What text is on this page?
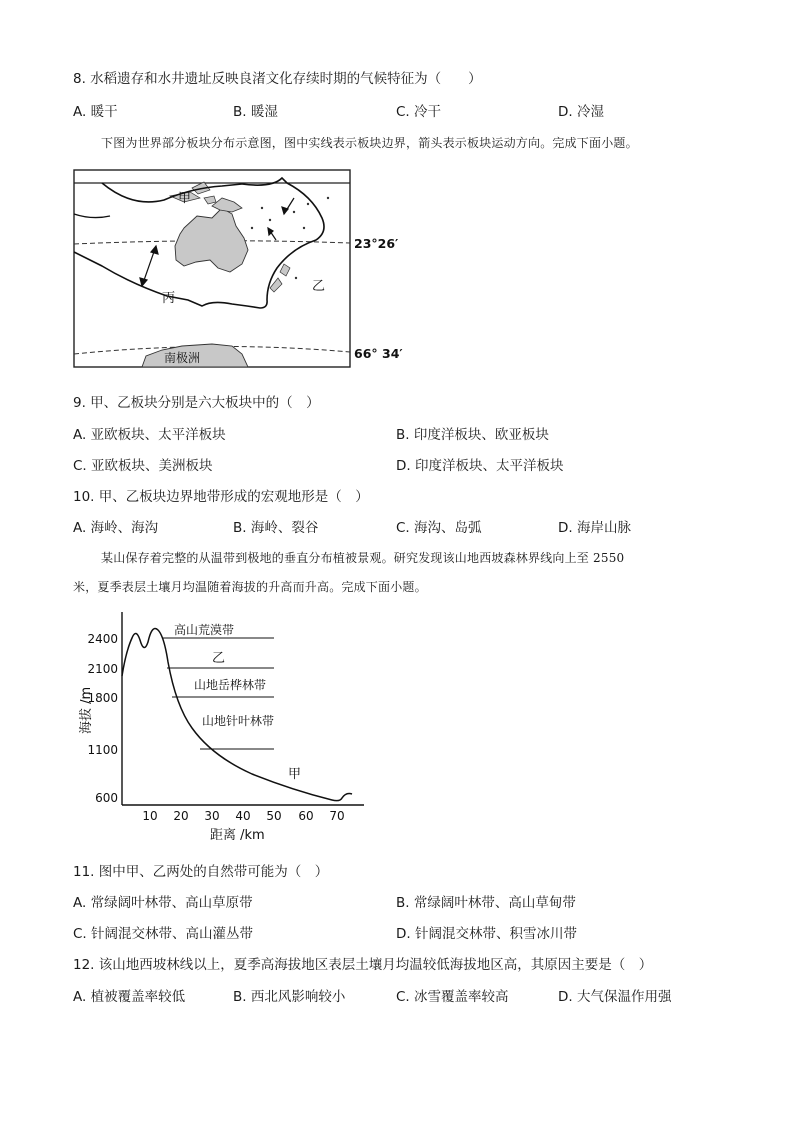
8. 水稻遗存和水井遗址反映良渚文化存续时期的气候特征为（　　）
A. 暖干	B. 暖湿	C. 冷干	D. 冷湿
下图为世界部分板块分布示意图，图中实线表示板块边界，箭头表示板块运动方向。完成下面小题。
甲
乙
丙
南极洲
23°26′
66° 34′
9. 甲、乙板块分别是六大板块中的（　）
A. 亚欧板块、太平洋板块	B. 印度洋板块、欧亚板块
C. 亚欧板块、美洲板块	D. 印度洋板块、太平洋板块
10. 甲、乙板块边界地带形成的宏观地形是（　）
A. 海岭、海沟	B. 海岭、裂谷	C. 海沟、岛弧	D. 海岸山脉
某山保存着完整的从温带到极地的垂直分布植被景观。研究发现该山地西坡森林界线向上至 2550
米，夏季表层土壤月均温随着海拔的升高而升高。完成下面小题。
2400
2100
1800
1100
600
10 20 30 40 50 60 70
海拔 /m
距离 /km
高山荒漠带
乙
山地岳桦林带
山地针叶林带
甲
11. 图中甲、乙两处的自然带可能为（　）
A. 常绿阔叶林带、高山草原带	B. 常绿阔叶林带、高山草甸带
C. 针阔混交林带、高山灌丛带	D. 针阔混交林带、积雪冰川带
12. 该山地西坡林线以上，夏季高海拔地区表层土壤月均温较低海拔地区高，其原因主要是（　）
A. 植被覆盖率较低	B. 西北风影响较小	C. 冰雪覆盖率较高	D. 大气保温作用强
